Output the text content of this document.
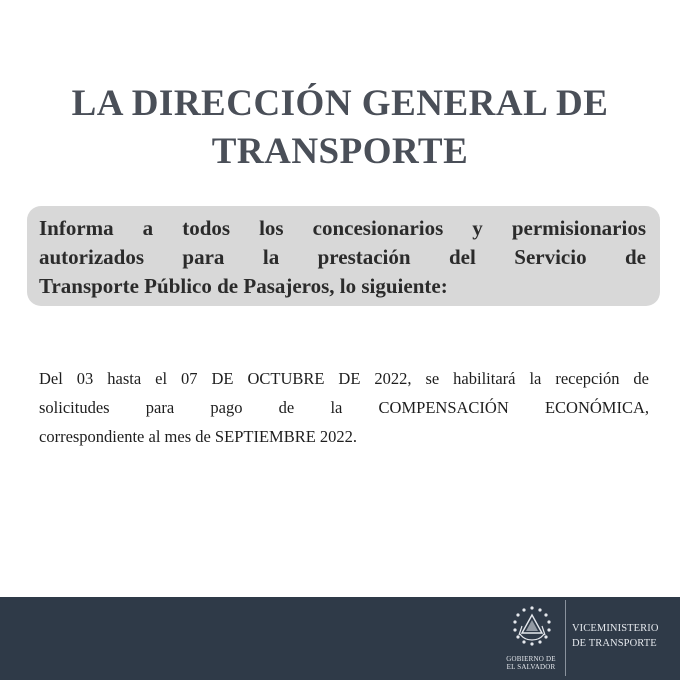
LA DIRECCIÓN GENERAL DE
TRANSPORTE
Informa a todos los concesionarios y permisionarios
autorizados para la prestación del Servicio de
Transporte Público de Pasajeros, lo siguiente:
Del 03 hasta el 07 DE OCTUBRE DE 2022, se habilitará la recepción de
solicitudes para pago de la COMPENSACIÓN ECONÓMICA,
correspondiente al mes de SEPTIEMBRE 2022.
GOBIERNO DE
EL SALVADOR
VICEMINISTERIO
DE TRANSPORTE
